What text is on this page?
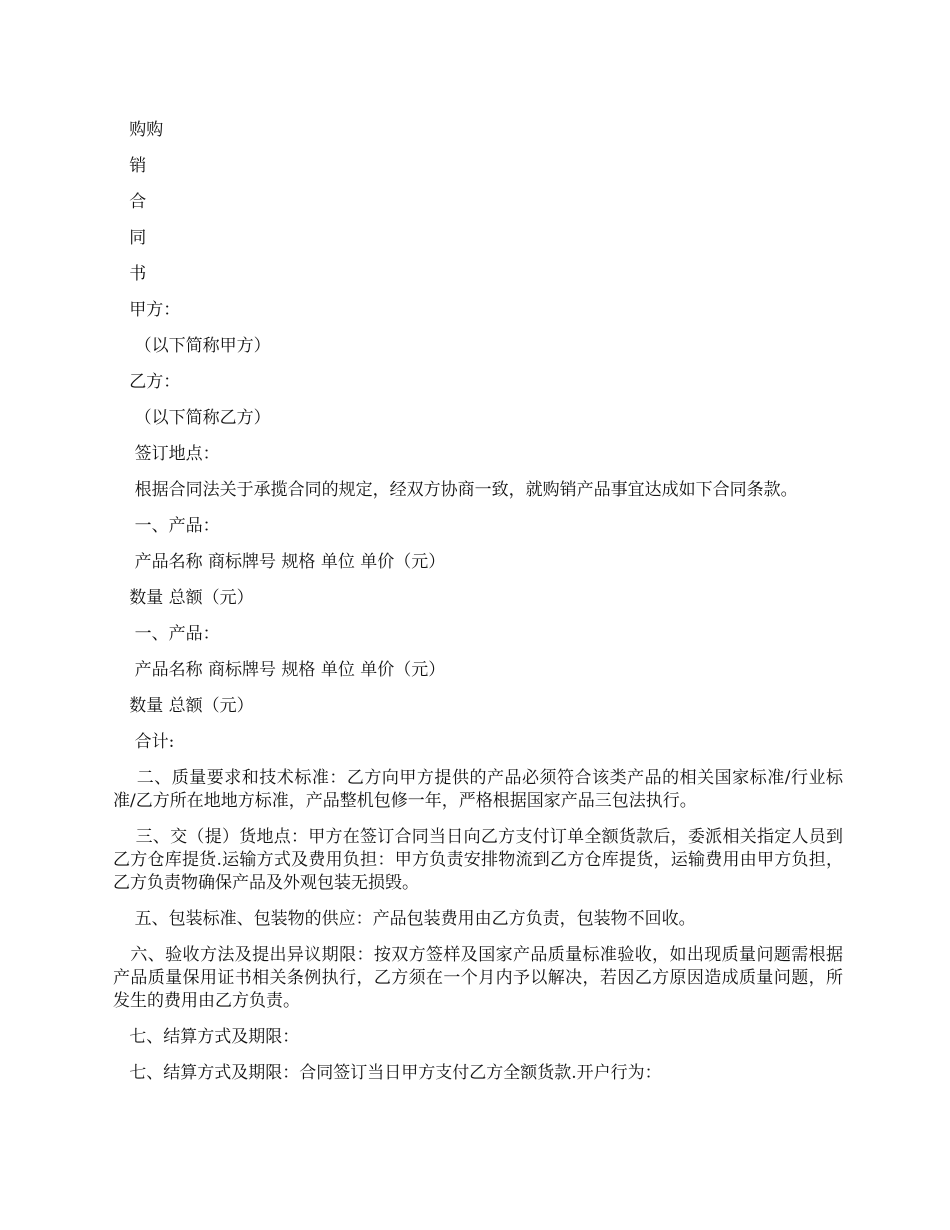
购购
销
合
同
书
甲方：
（以下简称甲方）
乙方：
（以下简称乙方）
签订地点：
根据合同法关于承揽合同的规定，经双方协商一致，就购销产品事宜达成如下合同条款。
一、产品：
产品名称 商标牌号 规格 单位 单价（元）
数量 总额（元）
一、产品：
产品名称 商标牌号 规格 单位 单价（元）
数量 总额（元）
合计:
二、质量要求和技术标准：乙方向甲方提供的产品必须符合该类产品的相关国家标准/行业标准/乙方所在地地方标准，产品整机包修一年，严格根据国家产品三包法执行。
三、交（提）货地点：甲方在签订合同当日向乙方支付订单全额货款后，委派相关指定人员到乙方仓库提货.运输方式及费用负担：甲方负责安排物流到乙方仓库提货，运输费用由甲方负担，乙方负责物确保产品及外观包装无损毁。
五、包装标准、包装物的供应：产品包装费用由乙方负责，包装物不回收。
六、验收方法及提出异议期限：按双方签样及国家产品质量标准验收，如出现质量问题需根据产品质量保用证书相关条例执行，乙方须在一个月内予以解决，若因乙方原因造成质量问题，所发生的费用由乙方负责。
七、结算方式及期限：
七、结算方式及期限：合同签订当日甲方支付乙方全额货款.开户行为：
